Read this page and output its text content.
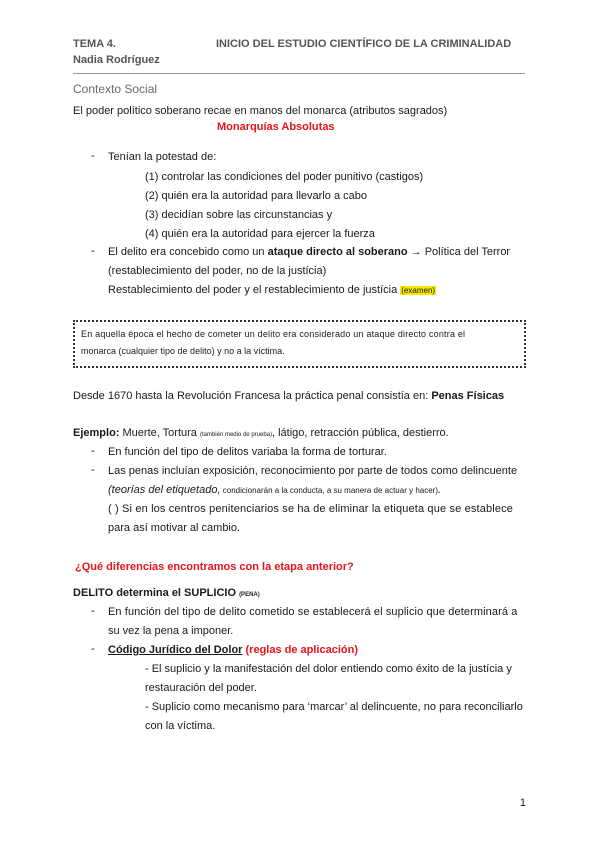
TEMA 4.	INICIO DEL ESTUDIO CIENTÍFICO DE LA CRIMINALIDAD
Nadia Rodríguez
Contexto Social
El poder político soberano recae en manos del monarca (atributos sagrados)
Monarquías Absolutas
- Tenían la potestad de:
(1) controlar las condiciones del poder punitivo (castigos)
(2) quién era la autoridad para llevarlo a cabo
(3) decidían sobre las circunstancias y
(4) quién era la autoridad para ejercer la fuerza
- El delito era concebido como un ataque directo al soberano → Política del Terror
(restablecimiento del poder, no de la justícia)
Restablecimiento del poder y el restablecimiento de justícia (examen)
En aquella época el hecho de cometer un delito era considerado un ataque directo contra el
monarca (cualquier tipo de delito) y no a la víctima.
Desde 1670 hasta la Revolución Francesa la práctica penal consistía en: Penas Físicas
Ejemplo: Muerte, Tortura (también medio de prueba), látigo, retracción pública, destierro.
- En función del tipo de delitos variaba la forma de torturar.
- Las penas incluían exposición, reconocimiento por parte de todos como delincuente
(teorías del etiquetado, condicionarán a la conducta, a su manera de actuar y hacer).
( ) Si en los centros penitenciarios se ha de eliminar la etiqueta que se establece
para así motivar al cambio.
¿Qué diferencias encontramos con la etapa anterior?
DELITO determina el SUPLICIO (PENA)
- En función del tipo de delito cometido se establecerá el suplicio que determinará a
su vez la pena a imponer.
- Código Jurídico del Dolor (reglas de aplicación)
- El suplicio y la manifestación del dolor entiendo como éxito de la justícia y
restauración del poder.
- Suplicio como mecanismo para ‘marcar’ al delincuente, no para reconciliarlo
con la víctima.
1
